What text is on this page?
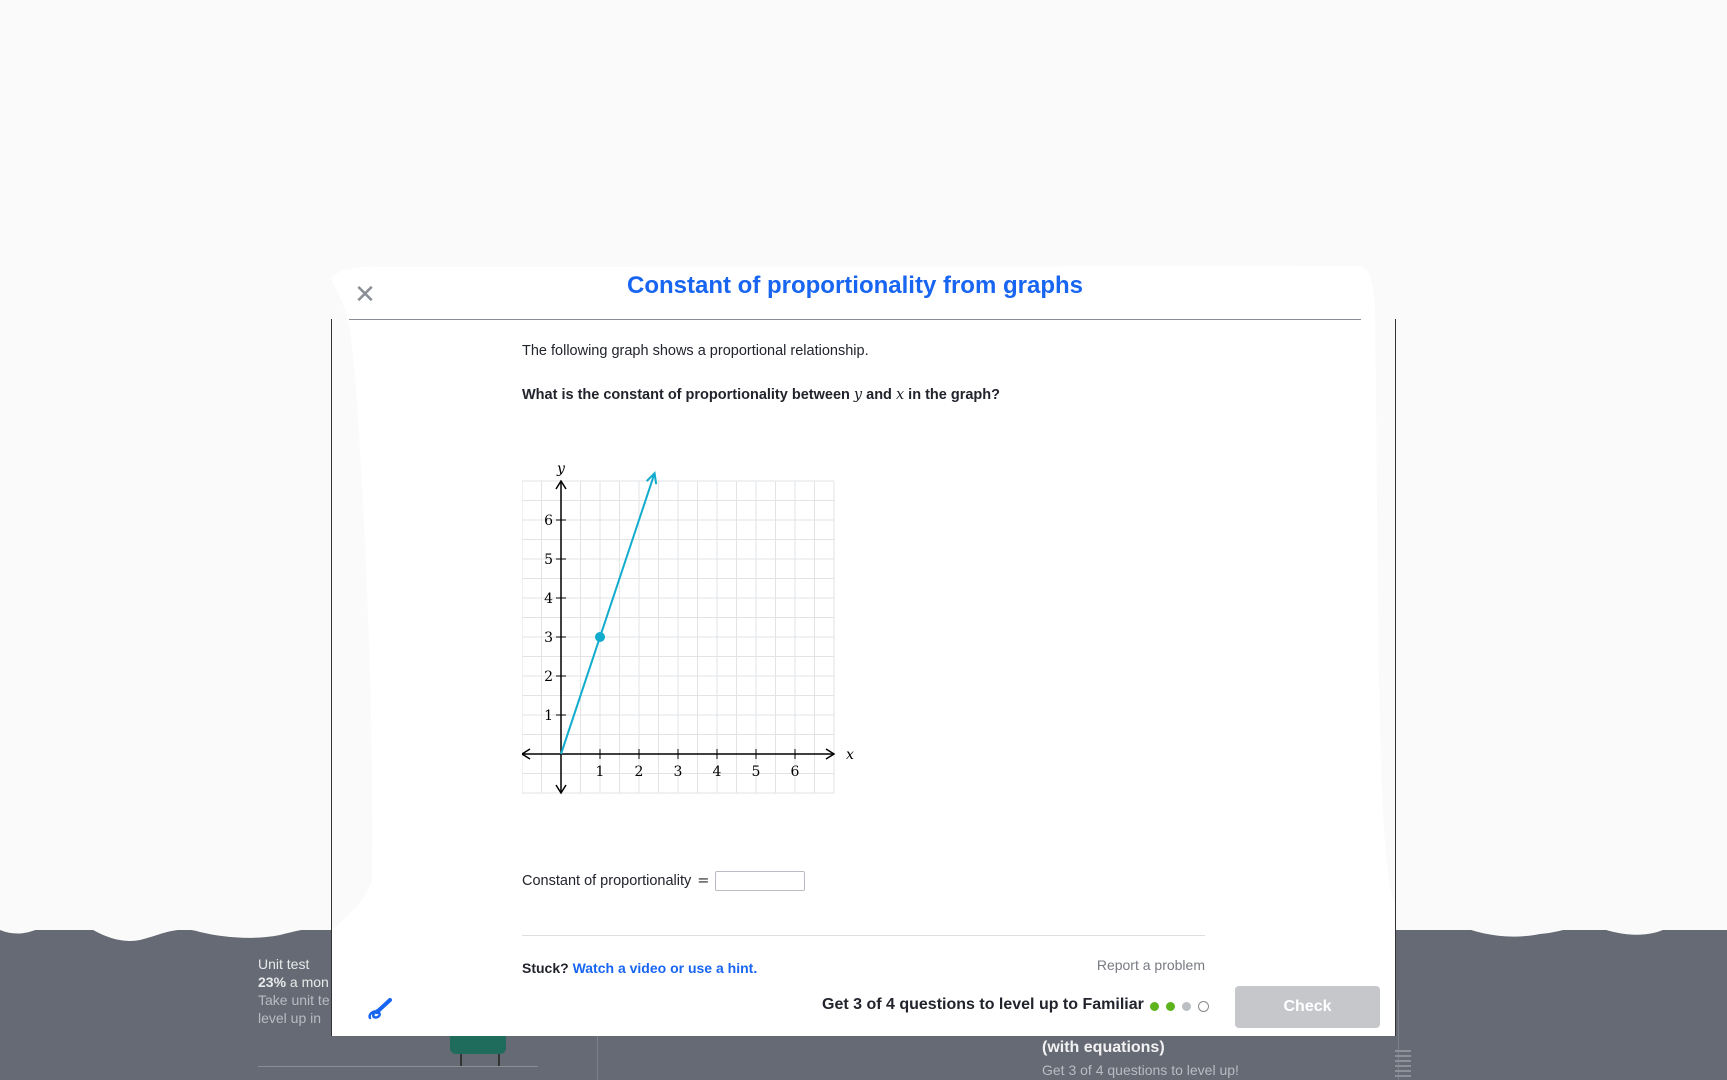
Unit test
23% a mon
Take unit te
level up in
(with equations)
Get 3 of 4 questions to level up!
✕	Constant of proportionality from graphs

The following graph shows a proportional relationship.

What is the constant of proportionality between y and x in the graph?

1 2 3 4 5 6
1
2
3
4
5
6
x
y
Constant of proportionality =
Stuck? Watch a video or use a hint.	Report a problem
Get 3 of 4 questions to level up to Familiar	Check
